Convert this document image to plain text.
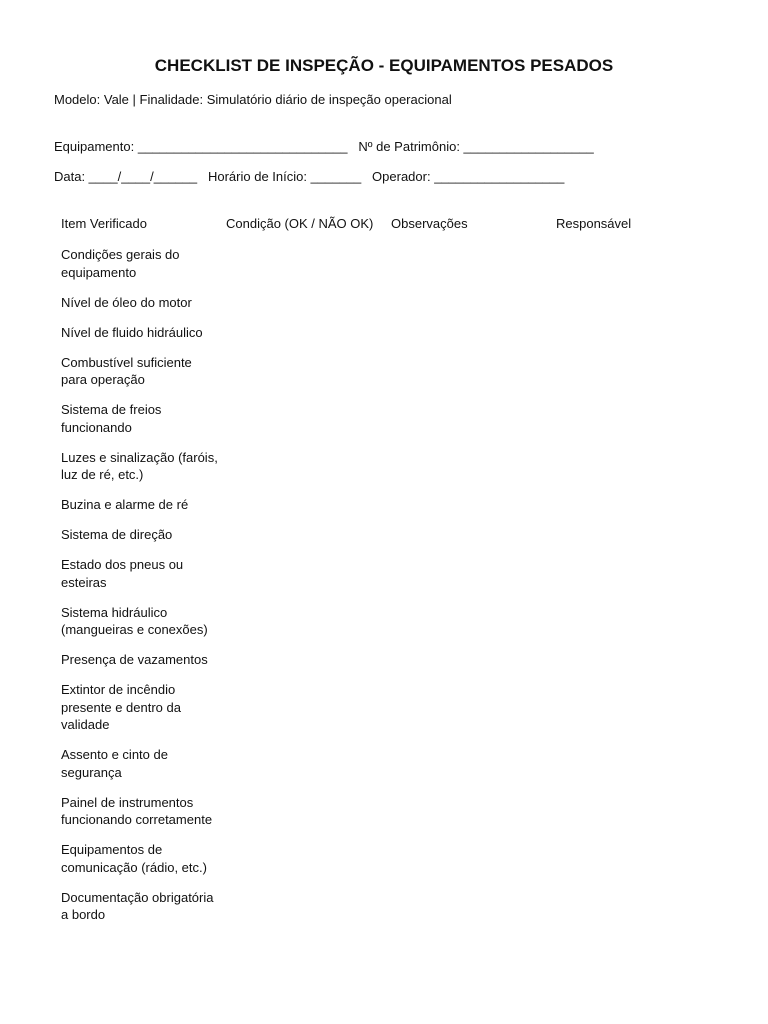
CHECKLIST DE INSPEÇÃO - EQUIPAMENTOS PESADOS
Modelo: Vale | Finalidade: Simulatório diário de inspeção operacional
Equipamento: _____________________________ Nº de Patrimônio: __________________
Data: ____/____/______ Horário de Início: _______ Operador: __________________
Item Verificado	Condição (OK / NÃO OK) Observações	Responsável
Condições gerais do equipamento
Nível de óleo do motor
Nível de fluido hidráulico
Combustível suficiente para operação
Sistema de freios funcionando
Luzes e sinalização (faróis, luz de ré, etc.)
Buzina e alarme de ré
Sistema de direção
Estado dos pneus ou esteiras
Sistema hidráulico (mangueiras e conexões)
Presença de vazamentos
Extintor de incêndio presente e dentro da validade
Assento e cinto de segurança
Painel de instrumentos funcionando corretamente
Equipamentos de comunicação (rádio, etc.)
Documentação obrigatória a bordo
